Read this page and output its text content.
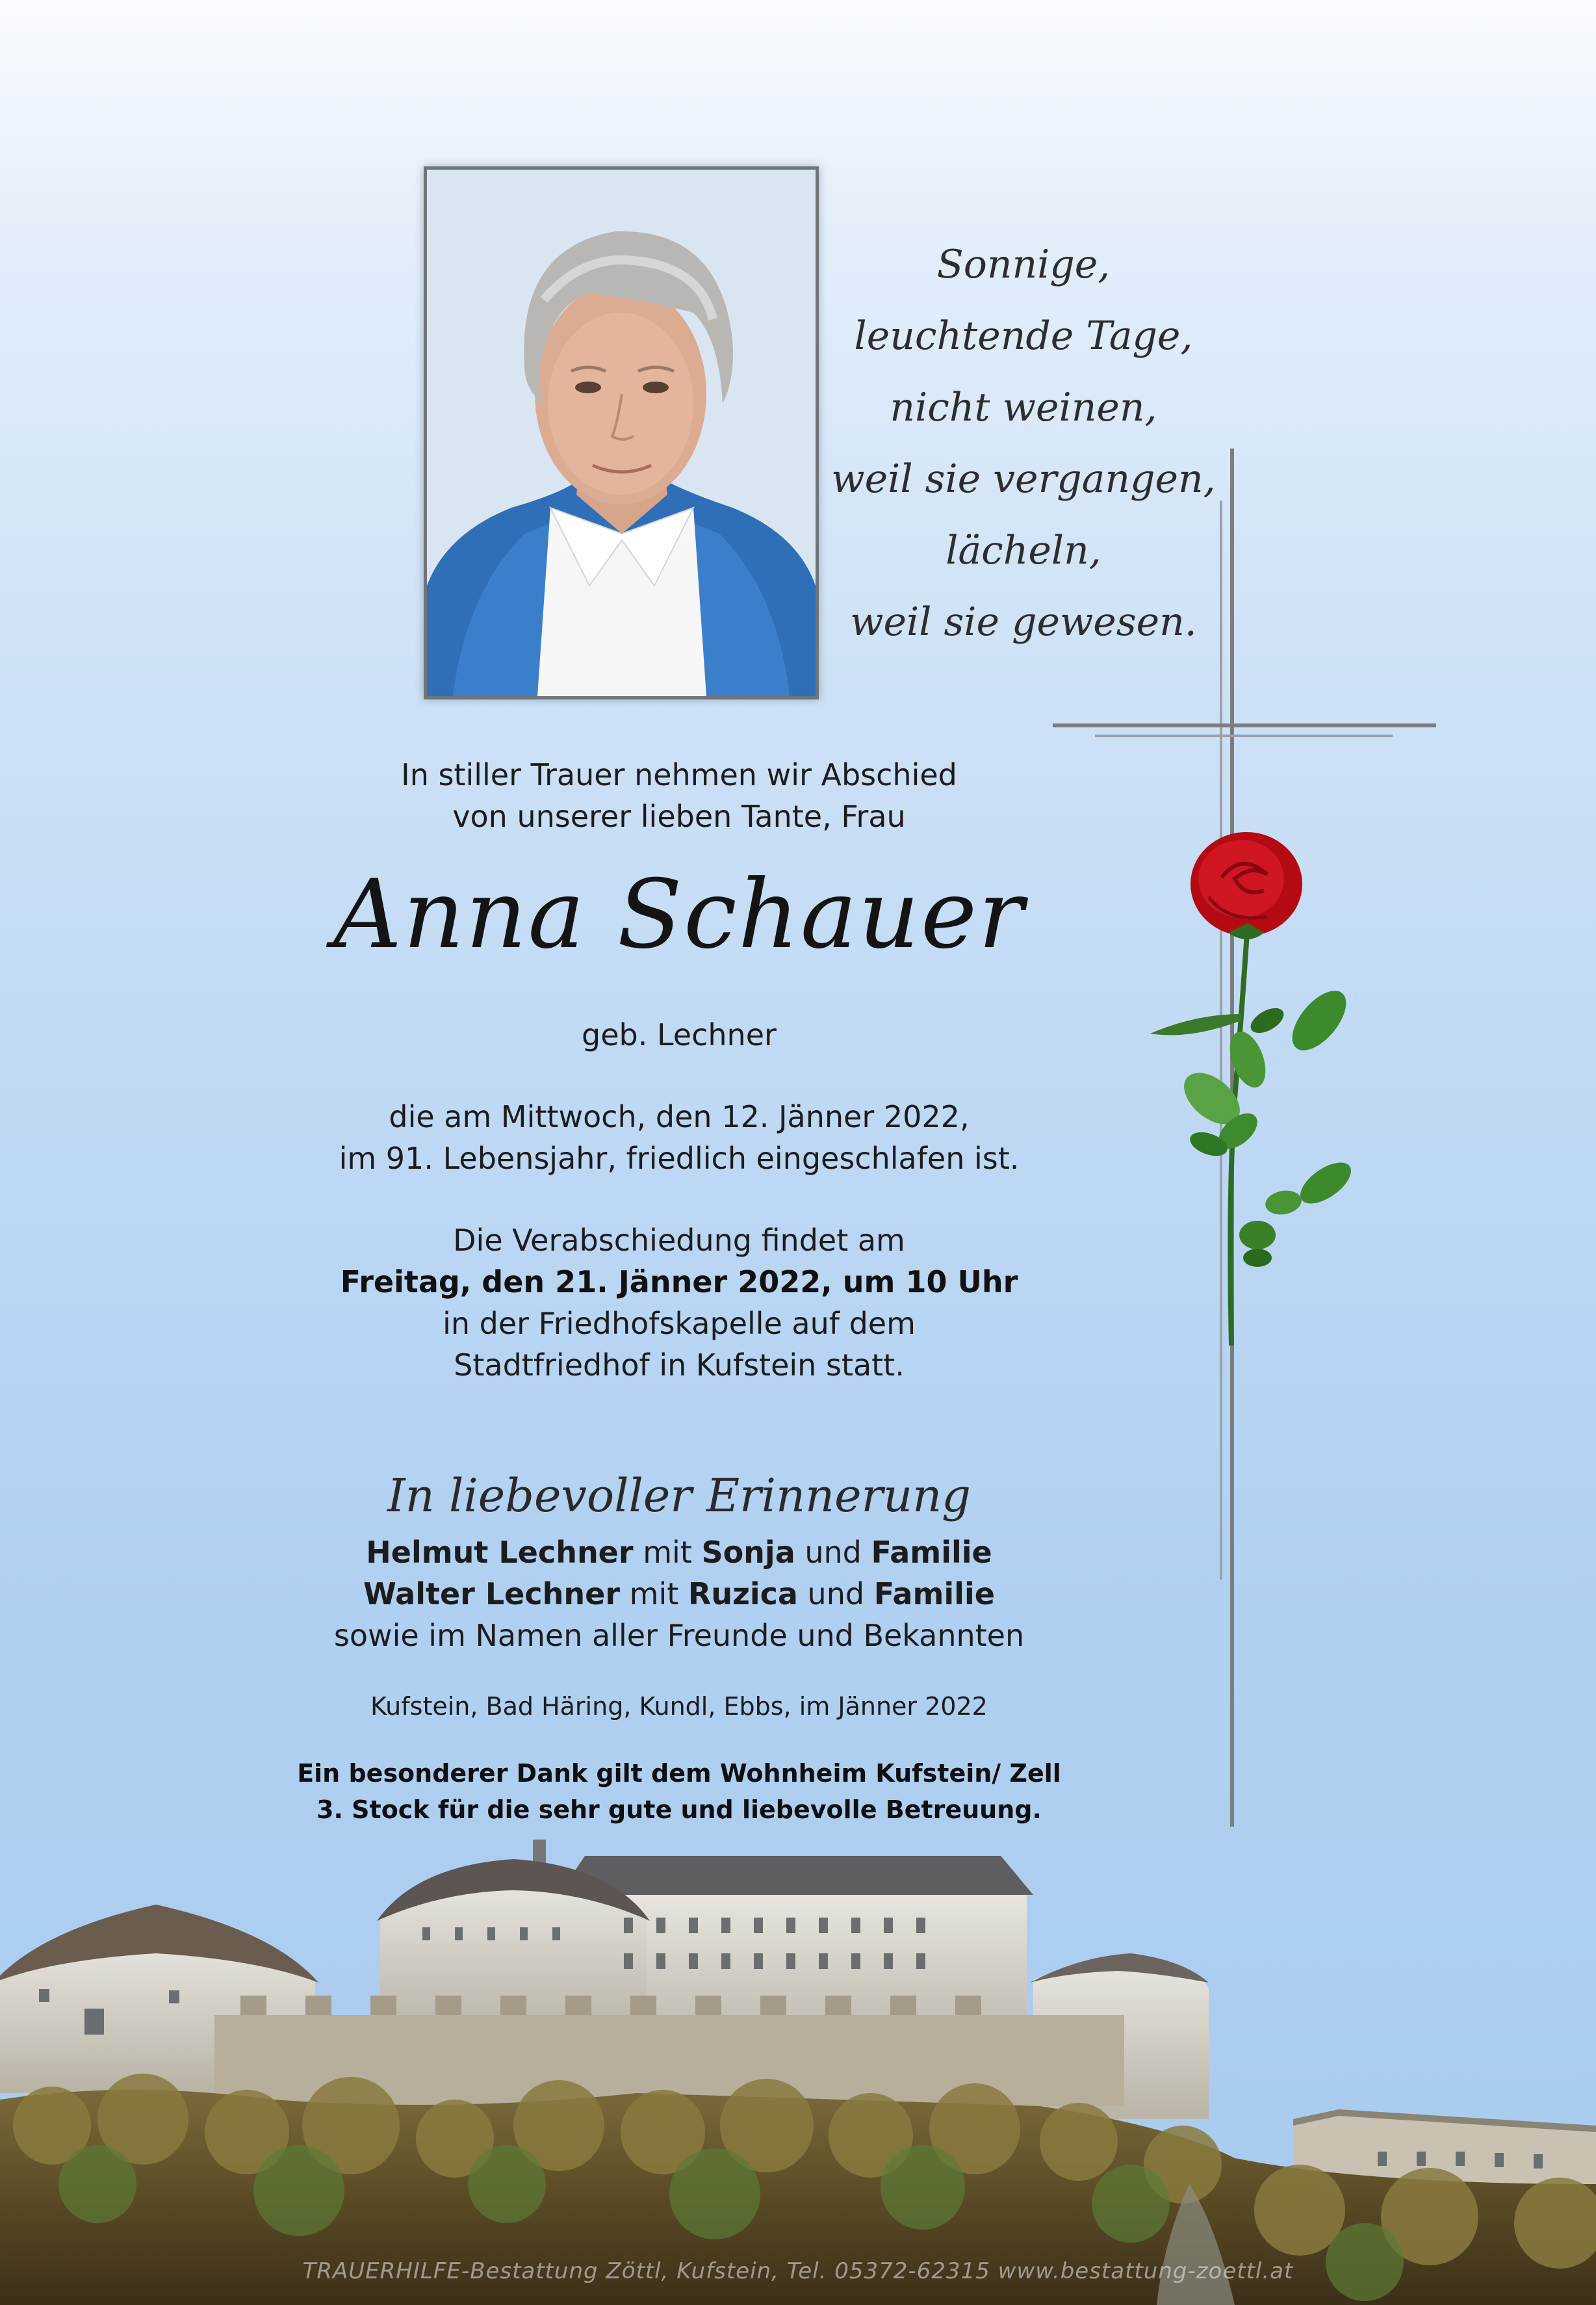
Sonnige,
leuchtende Tage,
nicht weinen,
weil sie vergangen,
lächeln,
weil sie gewesen.
In stiller Trauer nehmen wir Abschied
von unserer lieben Tante, Frau
Anna Schauer
geb. Lechner
die am Mittwoch, den 12. Jänner 2022,
im 91. Lebensjahr, friedlich eingeschlafen ist.
Die Verabschiedung findet am
Freitag, den 21. Jänner 2022, um 10 Uhr
in der Friedhofskapelle auf dem
Stadtfriedhof in Kufstein statt.
In liebevoller Erinnerung
Helmut Lechner mit Sonja und Familie
Walter Lechner mit Ruzica und Familie
sowie im Namen aller Freunde und Bekannten
Kufstein, Bad Häring, Kundl, Ebbs, im Jänner 2022
Ein besonderer Dank gilt dem Wohnheim Kufstein/ Zell
3. Stock für die sehr gute und liebevolle Betreuung.
TRAUERHILFE-Bestattung Zöttl, Kufstein, Tel. 05372-62315 www.bestattung-zoettl.at
